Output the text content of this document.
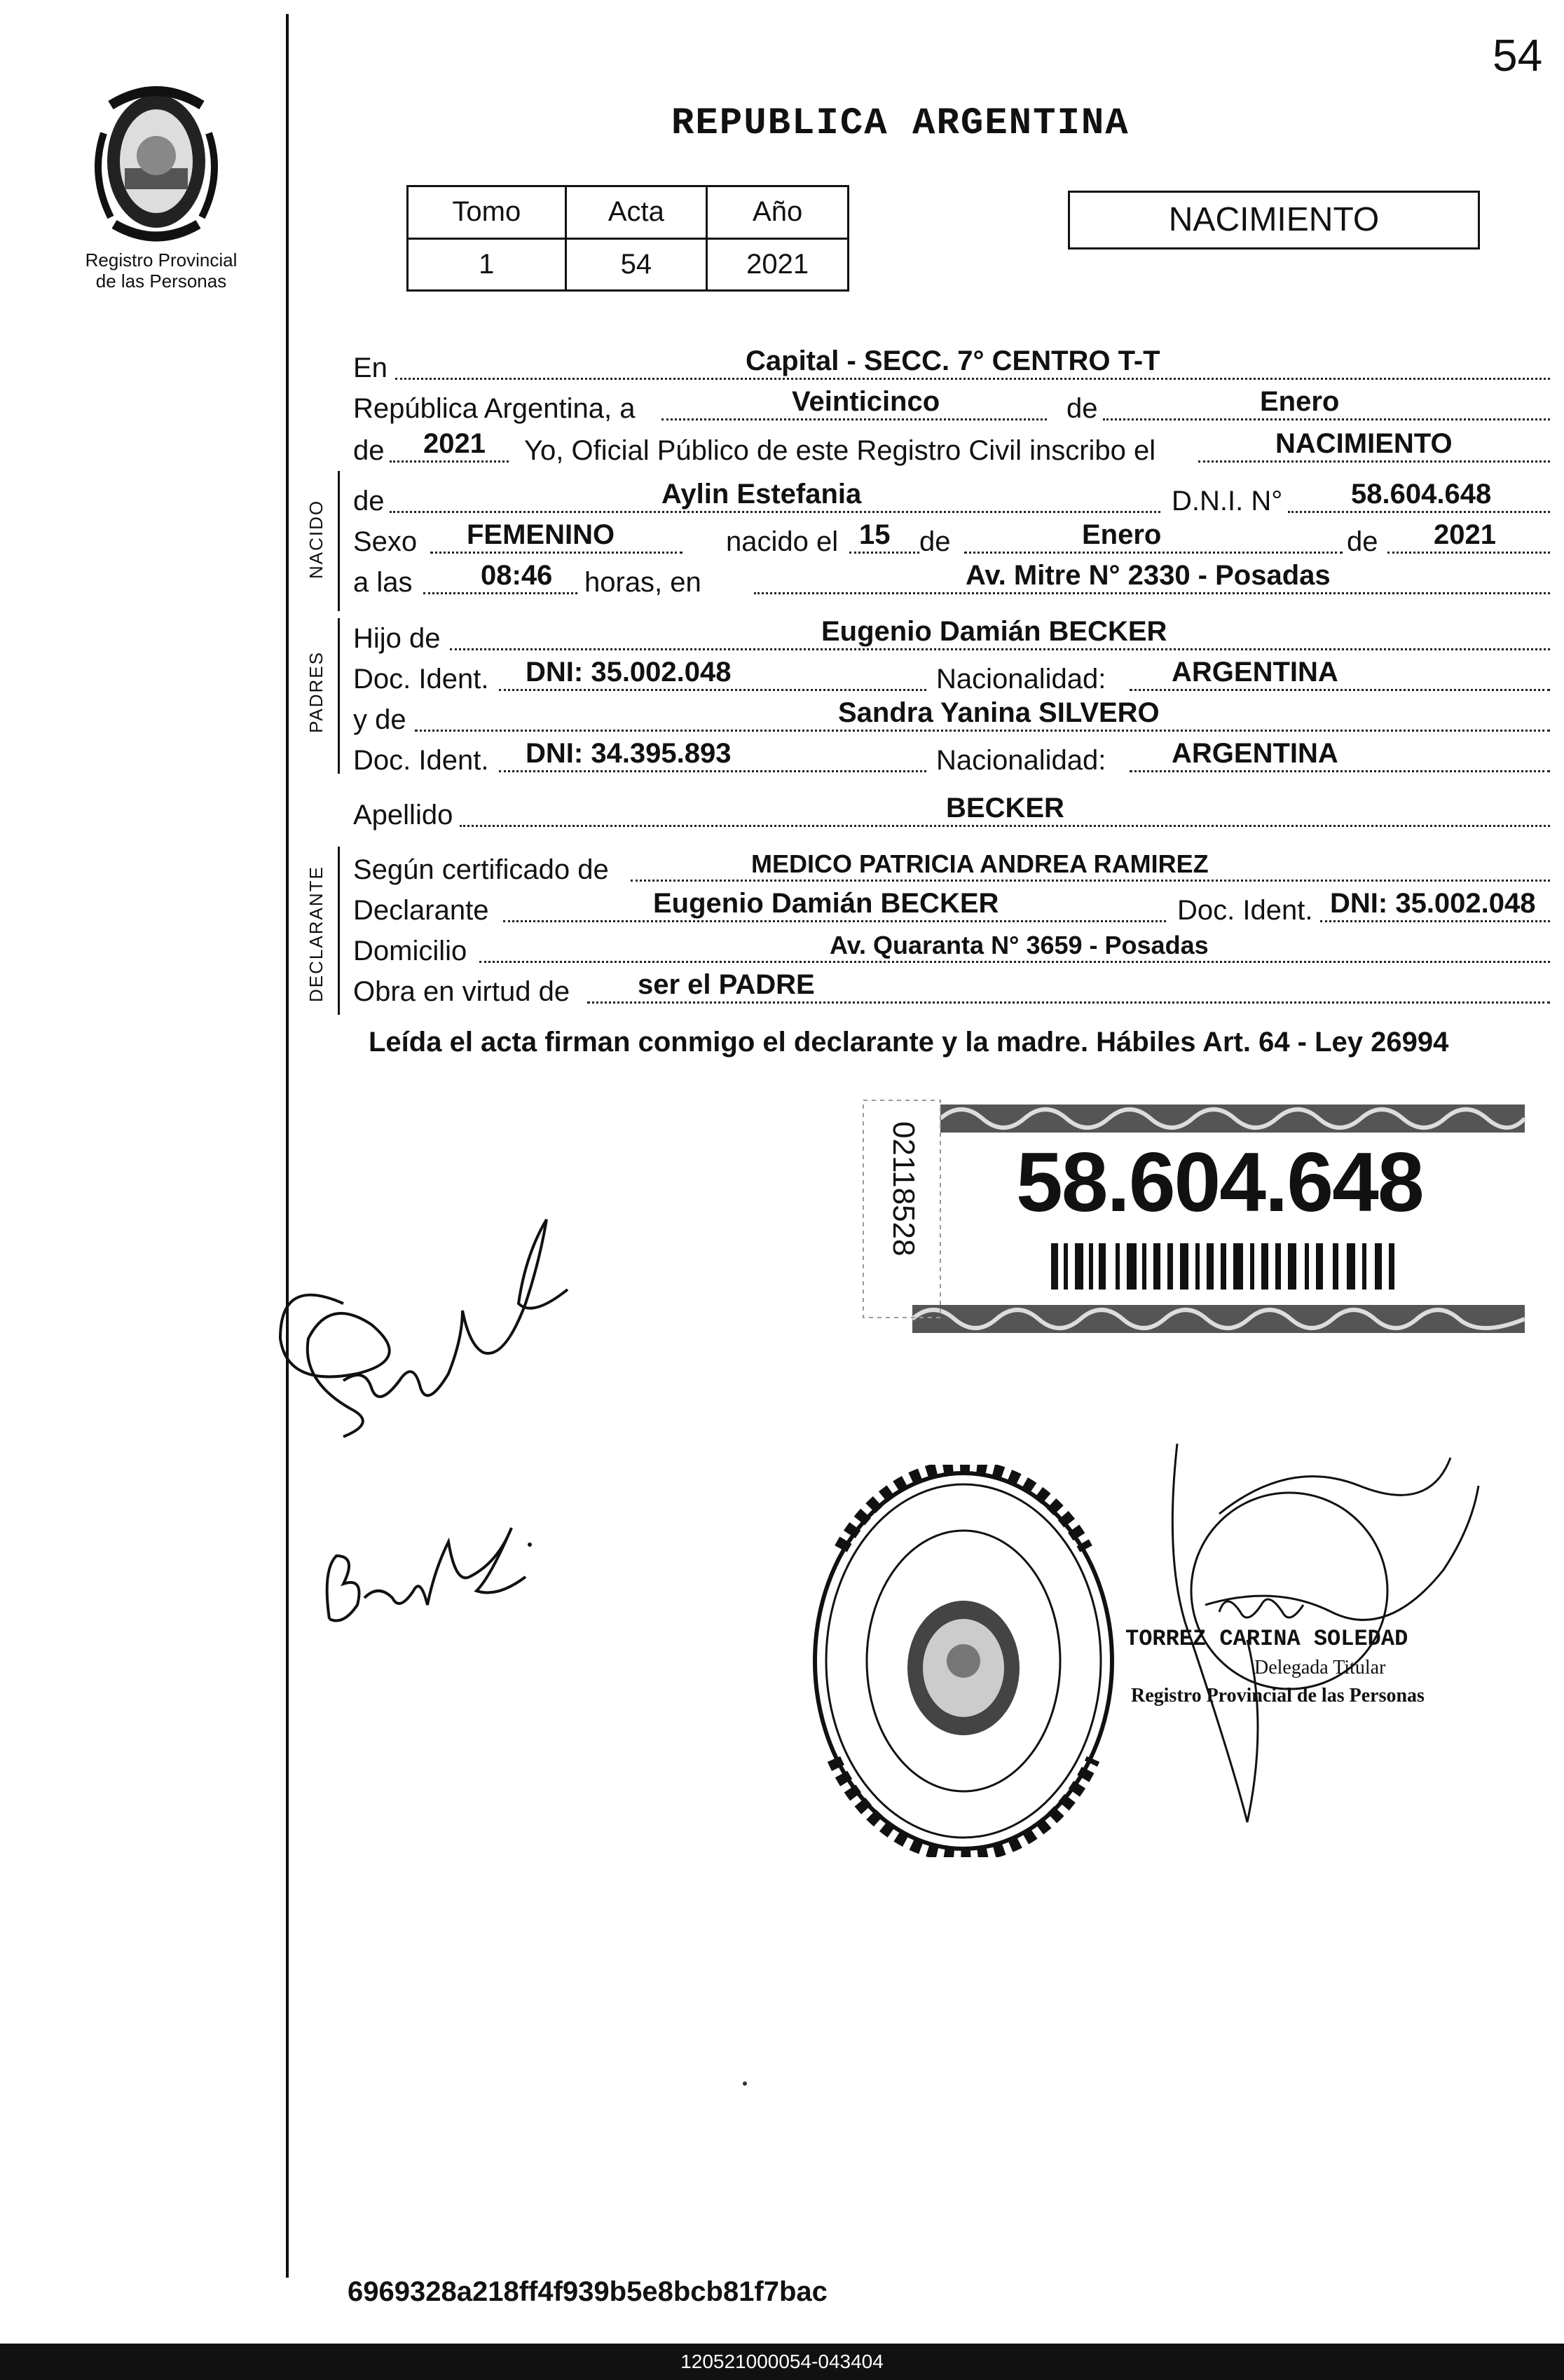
54
Registro Provincial
de las Personas
REPUBLICA ARGENTINA
Tomo	Acta	Año
1	54	2021
NACIMIENTO
En	Capital - SECC. 7° CENTRO T-T
República Argentina, a	Veinticinco	de	Enero
de 2021 Yo, Oficial Público de este Registro Civil inscribo el	NACIMIENTO
NACIDO de	Aylin Estefania	D.N.I. N° 58.604.648
Sexo FEMENINO	nacido el 15 de	Enero	de 2021
a las 08:46 horas, en	Av. Mitre N° 2330 - Posadas
PADRES
Hijo de	Eugenio Damián BECKER
Doc. Ident. DNI: 35.002.048	Nacionalidad: ARGENTINA
y de	Sandra Yanina SILVERO
Doc. Ident. DNI: 34.395.893	Nacionalidad: ARGENTINA
Apellido	BECKER
DECLARANTE Según certificado de	MEDICO PATRICIA ANDREA RAMIREZ
Declarante	Eugenio Damián BECKER	Doc. Ident. DNI: 35.002.048
Domicilio	Av. Quaranta N° 3659 - Posadas
Obra en virtud de ser el PADRE
Leída el acta firman conmigo el declarante y la madre. Hábiles Art. 64 - Ley 26994
58.604.648
02118528
TORREZ CARINA SOLEDAD
Delegada Titular
Registro Provincial de las Personas
6969328a218ff4f939b5e8bcb81f7bac
120521000054-043404
